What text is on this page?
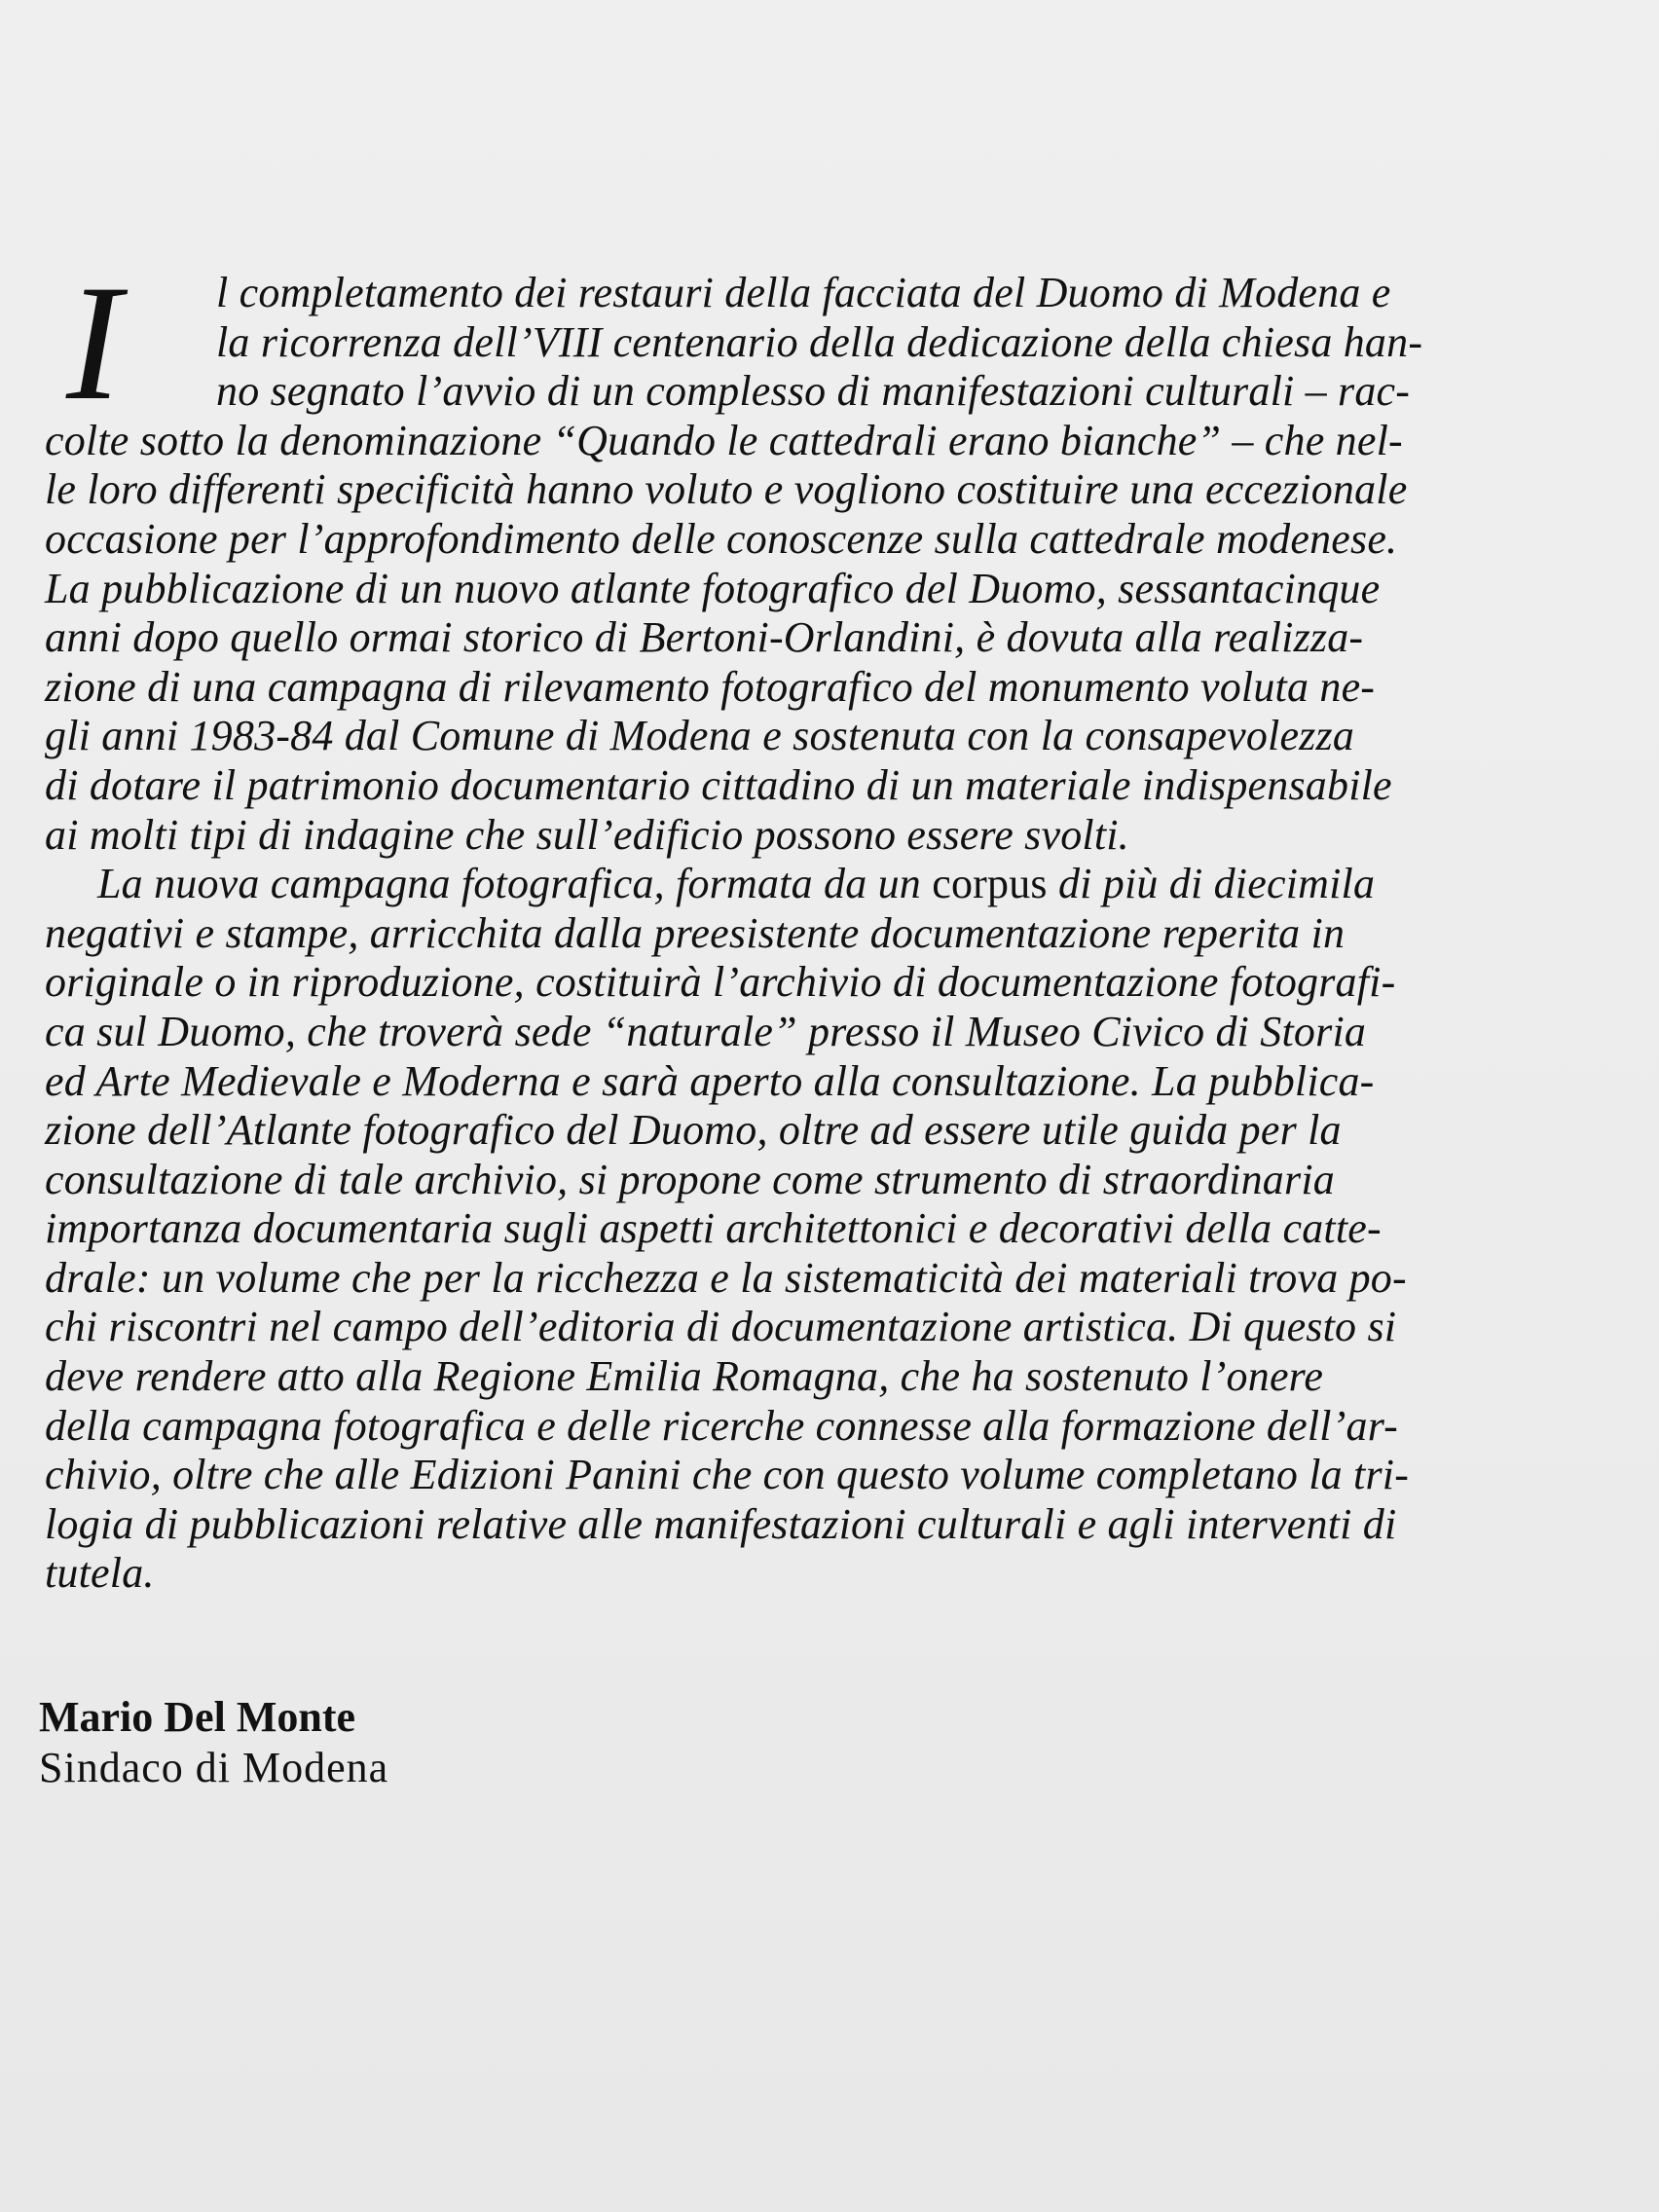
I	l completamento dei restauri della facciata del Duomo di Modena e
la ricorrenza dell’VIII centenario della dedicazione della chiesa han-
no segnato l’avvio di un complesso di manifestazioni culturali – rac-
colte sotto la denominazione “Quando le cattedrali erano bianche” – che nel-
le loro differenti specificità hanno voluto e vogliono costituire una eccezionale
occasione per l’approfondimento delle conoscenze sulla cattedrale modenese.
La pubblicazione di un nuovo atlante fotografico del Duomo, sessantacinque
anni dopo quello ormai storico di Bertoni-Orlandini, è dovuta alla realizza-
zione di una campagna di rilevamento fotografico del monumento voluta ne-
gli anni 1983-84 dal Comune di Modena e sostenuta con la consapevolezza
di dotare il patrimonio documentario cittadino di un materiale indispensabile
ai molti tipi di indagine che sull’edificio possono essere svolti.
La nuova campagna fotografica, formata da un corpus di più di diecimila
negativi e stampe, arricchita dalla preesistente documentazione reperita in
originale o in riproduzione, costituirà l’archivio di documentazione fotografi-
ca sul Duomo, che troverà sede “naturale” presso il Museo Civico di Storia
ed Arte Medievale e Moderna e sarà aperto alla consultazione. La pubblica-
zione dell’Atlante fotografico del Duomo, oltre ad essere utile guida per la
consultazione di tale archivio, si propone come strumento di straordinaria
importanza documentaria sugli aspetti architettonici e decorativi della catte-
drale: un volume che per la ricchezza e la sistematicità dei materiali trova po-
chi riscontri nel campo dell’editoria di documentazione artistica. Di questo si
deve rendere atto alla Regione Emilia Romagna, che ha sostenuto l’onere
della campagna fotografica e delle ricerche connesse alla formazione dell’ar-
chivio, oltre che alle Edizioni Panini che con questo volume completano la tri-
logia di pubblicazioni relative alle manifestazioni culturali e agli interventi di
tutela.
Mario Del Monte
Sindaco di Modena
